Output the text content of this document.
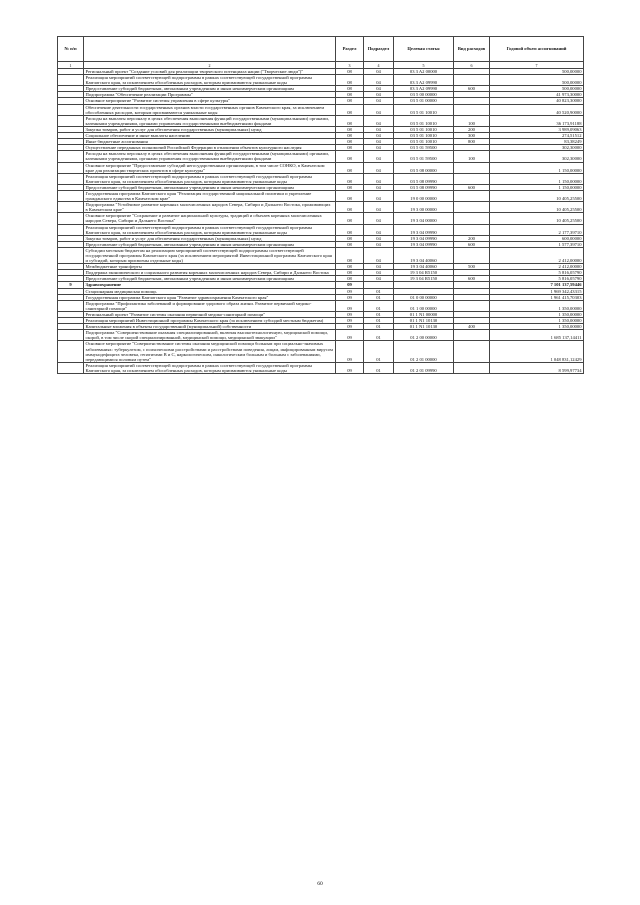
№ п/п		Раздел	Подраздел	Целевая статья	Вид расходов	Годовой объем ассигнований
1	2	3	4	5	6	7
	Региональный проект "Создание условий для реализации творческого потенциала нации ("Творческие люди")"	08	04	03 3 A2 00000		500,00000
	Реализация мероприятий соответствующей подпрограммы в рамках соответствующей государственной программы Камчатского края, за исключением обособленных расходов, которым присваиваются уникальные коды	08	04	03 3 A2 09990		500,00000
	Предоставление субсидий бюджетным, автономным учреждениям и иным некоммерческим организациям	08	04	03 3 A2 09990	600	500,00000
	Подпрограмма "Обеспечение реализации Программы"	08	04	03 5 00 00000		41 973,30000
	Основное мероприятие "Развитие системы управления в сфере культуры"	08	04	03 5 01 00000		40 823,30000
	Обеспечение деятельности государственных органов власти государственных органов Камчатского края, за исключением обособленных расходов, которым присваиваются уникальные коды	08	04	03 5 01 10010		40 520,90000
	Расходы на выплаты персоналу в целях обеспечения выполнения функций государственными (муниципальными) органами, казенными учреждениями, органами управления государственными внебюджетными фондами	08	04	03 5 01 10010	100	36 173,91188
	Закупка товаров, работ и услуг для обеспечения государственных (муниципальных) нужд	08	04	03 5 01 10010	200	3 989,09063
	Социальное обеспечение и иные выплаты населению	08	04	03 5 01 10010	300	274,51512
	Иные бюджетные ассигнования	08	04	03 5 01 10010	800	83,38249
	Осуществление переданных полномочий Российской Федерации в отношении объектов культурного наследия	08	04	03 5 01 59500		302,30000
	Расходы на выплаты персоналу в целях обеспечения выполнения функций государственными (муниципальными) органами, казенными учреждениями, органами управления государственными внебюджетными фондами	08	04	03 5 01 59500	100	302,30000
	Основное мероприятие "Предоставление субсидий негосударственным организациям, в том числе СОНКО, в Камчатском крае для реализации творческих проектов в сфере культуры"	08	04	03 5 08 00000		1 150,00000
	Реализация мероприятий соответствующей подпрограммы в рамках соответствующей государственной программы Камчатского края, за исключением обособленных расходов, которым присваиваются уникальные коды	08	04	03 5 08 09990		1 150,00000
	Предоставление субсидий бюджетным, автономным учреждениям и иным некоммерческим организациям	08	04	03 5 08 09990	600	1 150,00000
	Государственная программа Камчатского края "Реализация государственной национальной политики и укрепление гражданского единства в Камчатском крае"	08	04	19 0 00 00000		10 405,25500
	Подпрограмма "Устойчивое развитие коренных малочисленных народов Севера, Сибири и Дальнего Востока, проживающих в Камчатском крае"	08	04	19 3 00 00000		10 405,25500
	Основное мероприятие "Сохранение и развитие национальной культуры, традиций и обычаев коренных малочисленных народов Севера, Сибири и Дальнего Востока"	08	04	19 3 04 00000		10 405,25500
	Реализация мероприятий соответствующей подпрограммы в рамках соответствующей государственной программы Камчатского края, за исключением обособленных расходов, которым присваиваются уникальные коды	08	04	19 3 04 09990		2 177,39710
	Закупка товаров, работ и услуг для обеспечения государственных (муниципальных) нужд	08	04	19 3 04 09990	200	600,00000
	Предоставление субсидий бюджетным, автономным учреждениям и иным некоммерческим организациям	08	04	19 3 04 09990	600	1 577,39710
	Субсидии местным бюджетам на реализацию мероприятий соответствующей подпрограммы соответствующей государственной программы Камчатского края (за исключением мероприятий Инвестиционной программы Камчатского края и субсидий, которым присвоены отдельные коды)	08	04	19 3 04 40060		2 412,00000
	Межбюджетные трансферты	08	04	19 3 04 40060	500	2 412,00000
	Поддержка экономического и социального развития коренных малочисленных народов Севера, Сибири и Дальнего Востока	08	04	19 3 04 R5150		5 816,05790
	Предоставление субсидий бюджетным, автономным учреждениям и иным некоммерческим организациям	08	04	19 3 04 R5150	600	5 816,05790
9	Здравоохранение	09				7 101 137,59446
	Стационарная медицинская помощь	09	01			1 969 342,43315
	Государственная программа Камчатского края "Развитие здравоохранения Камчатского края"	09	01	01 0 00 00000		1 961 415,70303
	Подпрограмма "Профилактика заболеваний и формирование здорового образа жизни. Развитие первичной медико-санитарной помощи"	09	01	01 1 00 00000		1 350,00000
	Региональный проект "Развитие системы оказания первичной медико-санитарной помощи"	09	01	01 1 N1 00000		1 350,00000
	Реализация мероприятий Инвестиционной программы Камчатского края (за исключением субсидий местным бюджетам)	09	01	01 1 N1 10130		1 350,00000
	Капитальные вложения в объекты государственной (муниципальной) собственности	09	01	01 1 N1 10130	400	1 350,00000
	Подпрограмма "Совершенствование оказания специализированной, включая высокотехнологичную, медицинской помощи, скорой, в том числе скорой специализированной, медицинской помощи, медицинской эвакуации"	09	01	01 2 00 00000		1 685 137,14411
	Основное мероприятие "Совершенствование системы оказания медицинской помощи больным при социально-значимых заболеваниях: туберкулезом, с психическими расстройствами и расстройствами поведения, лицам, инфицированным вирусом иммунодефицита человека, гепатитами B и C, наркологическим, онкологическим больным и больным с заболеваниями, передающимися половым путем"	09	01	01 2 01 00000		1 048 831,12429
	Реализация мероприятий соответствующей подпрограммы в рамках соответствующей государственной программы Камчатского края, за исключением обособленных расходов, которым присваиваются уникальные коды	09	01	01 2 01 09990		8 599,97734
60
